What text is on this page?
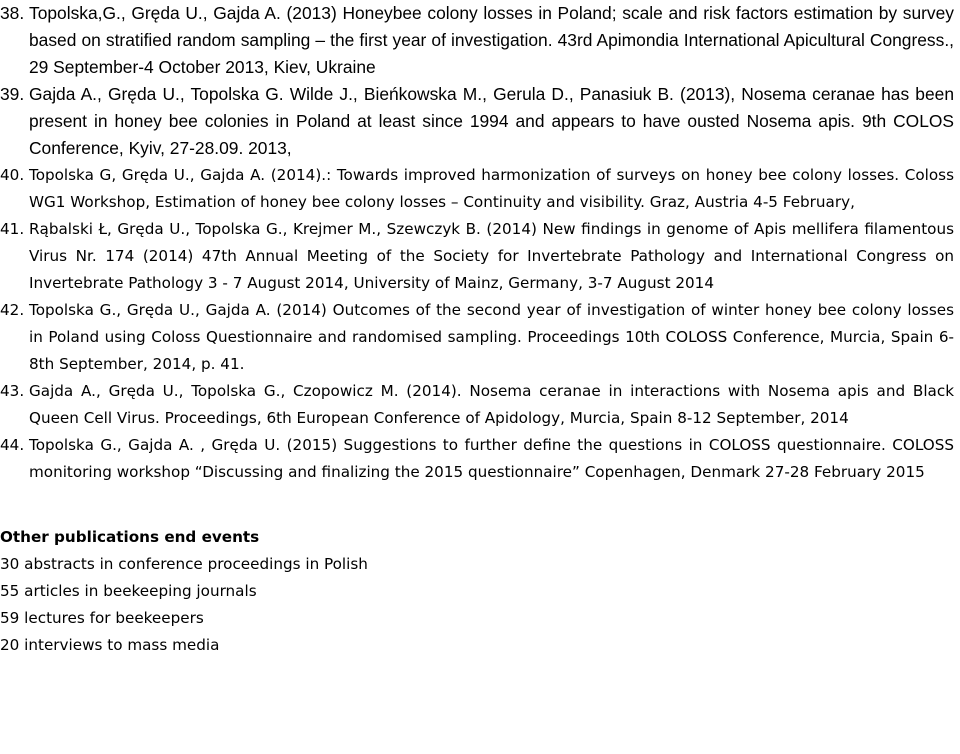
38. Topolska,G., Gręda U., Gajda A. (2013) Honeybee colony losses in Poland; scale and risk factors estimation by survey based on stratified random sampling – the first year of investigation. 43rd Apimondia International Apicultural Congress., 29 September-4 October 2013, Kiev, Ukraine
39. Gajda A., Gręda U., Topolska G. Wilde J., Bieńkowska M., Gerula D., Panasiuk B. (2013), Nosema ceranae has been present in honey bee colonies in Poland at least since 1994 and appears to have ousted Nosema apis. 9th COLOS Conference, Kyiv, 27-28.09. 2013,
40. Topolska G, Gręda U., Gajda A. (2014).: Towards improved harmonization of surveys on honey bee colony losses. Coloss WG1 Workshop, Estimation of honey bee colony losses – Continuity and visibility. Graz, Austria 4-5 February,
41. Rąbalski Ł, Gręda U., Topolska G., Krejmer M., Szewczyk B. (2014) New findings in genome of Apis mellifera filamentous Virus Nr. 174 (2014) 47th Annual Meeting of the Society for Invertebrate Pathology and International Congress on Invertebrate Pathology 3 - 7 August 2014, University of Mainz, Germany, 3-7 August 2014
42. Topolska G., Gręda U., Gajda A. (2014) Outcomes of the second year of investigation of winter honey bee colony losses in Poland using Coloss Questionnaire and randomised sampling. Proceedings 10th COLOSS Conference, Murcia, Spain 6-8th September, 2014, p. 41.
43. Gajda A., Gręda U., Topolska G., Czopowicz M. (2014). Nosema ceranae in interactions with Nosema apis and Black Queen Cell Virus. Proceedings, 6th European Conference of Apidology, Murcia, Spain 8-12 September, 2014
44. Topolska G., Gajda A. , Gręda U. (2015) Suggestions to further define the questions in COLOSS questionnaire. COLOSS monitoring workshop “Discussing and finalizing the 2015 questionnaire” Copenhagen, Denmark 27-28 February 2015
Other publications end events
30 abstracts in conference proceedings in Polish
55 articles in beekeeping journals
59 lectures for beekeepers
20 interviews to mass media
